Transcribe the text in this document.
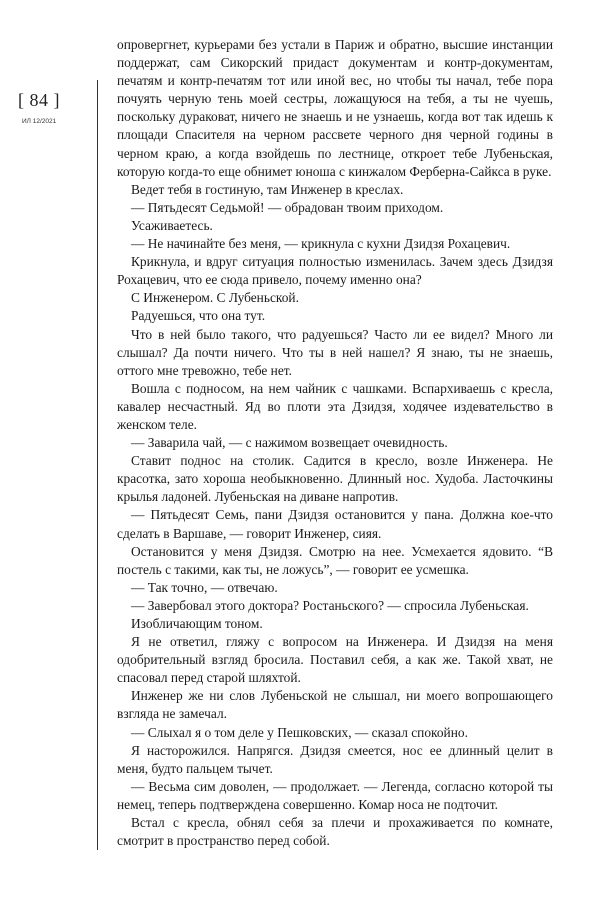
[ 84 ]
ИЛ 12/2021

опровергнет, курьерами без устали в Париж и обратно, высшие инстанции поддержат, сам Сикорский придаст документам и контр-документам, печатям и контр-печатям тот или иной вес, но чтобы ты начал, тебе пора почуять черную тень моей сестры, ложащуюся на тебя, а ты не чуешь, поскольку дураковат, ничего не знаешь и не узнаешь, когда вот так идешь к площади Спасителя на черном рассвете черного дня черной годины в черном краю, а когда взойдешь по лестнице, откроет тебе Лубеньская, которую когда-то еще обнимет юноша с кинжалом Ферберна-Сайкса в руке.

Ведет тебя в гостиную, там Инженер в креслах.

— Пятьдесят Седьмой! — обрадован твоим приходом.

Усаживаетесь.

— Не начинайте без меня, — крикнула с кухни Дзидзя Рохацевич.

Крикнула, и вдруг ситуация полностью изменилась. Зачем здесь Дзидзя Рохацевич, что ее сюда привело, почему именно она?

С Инженером. С Лубеньской.

Радуешься, что она тут.

Что в ней было такого, что радуешься? Часто ли ее видел? Много ли слышал? Да почти ничего. Что ты в ней нашел? Я знаю, ты не знаешь, оттого мне тревожно, тебе нет.

Вошла с подносом, на нем чайник с чашками. Вспархиваешь с кресла, кавалер несчастный. Яд во плоти эта Дзидзя, ходячее издевательство в женском теле.

— Заварила чай, — с нажимом возвещает очевидность.

Ставит поднос на столик. Садится в кресло, возле Инженера. Не красотка, зато хороша необыкновенно. Длинный нос. Худоба. Ласточкины крылья ладоней. Лубеньская на диване напротив.

— Пятьдесят Семь, пани Дзидзя остановится у пана. Должна кое-что сделать в Варшаве, — говорит Инженер, сияя.

Остановится у меня Дзидзя. Смотрю на нее. Усмехается ядовито. “В постель с такими, как ты, не ложусь”, — говорит ее усмешка.

— Так точно, — отвечаю.

— Завербовал этого доктора? Ростаньского? — спросила Лубеньская.

Изобличающим тоном.

Я не ответил, гляжу с вопросом на Инженера. И Дзидзя на меня одобрительный взгляд бросила. Поставил себя, а как же. Такой хват, не спасовал перед старой шляхтой.

Инженер же ни слов Лубеньской не слышал, ни моего вопрошающего взгляда не замечал.

— Слыхал я о том деле у Пешковских, — сказал спокойно.

Я насторожился. Напрягся. Дзидзя смеется, нос ее длинный целит в меня, будто пальцем тычет.

— Весьма сим доволен, — продолжает. — Легенда, согласно которой ты немец, теперь подтверждена совершенно. Комар носа не подточит.

Встал с кресла, обнял себя за плечи и прохаживается по комнате, смотрит в пространство перед собой.
